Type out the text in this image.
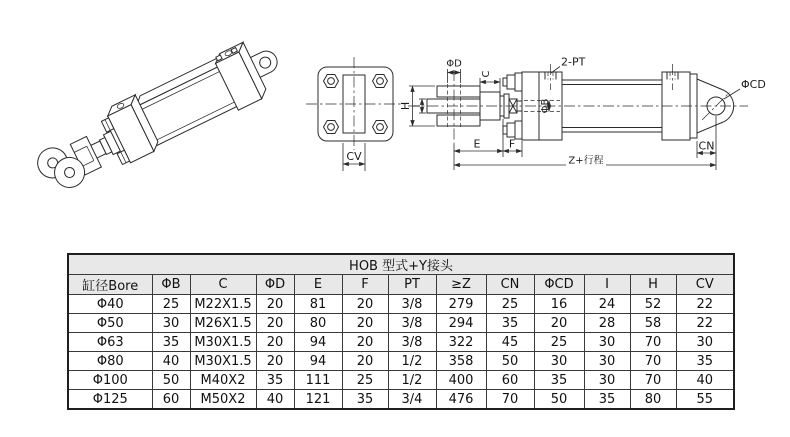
CV
ΦD
H I
C
ΦB
2-PT
ΦCD
E	F	CN
Z+行程
HOB 型式+Y接头												
缸径Bore	ΦB	C	ΦD	E	F	PT	≥Z	CN	ΦCD	I	H	CV
Φ40	25	M22X1.5	20	81	20	3/8	279	25	16	24	52	22
Φ50	30	M26X1.5	20	80	20	3/8	294	35	20	28	58	22
Φ63	35	M30X1.5	20	94	20	3/8	322	45	25	30	70	30
Φ80	40	M30X1.5	20	94	20	1/2	358	50	30	30	70	35
Φ100	50	M40X2	35	111	25	1/2	400	60	35	30	70	40
Φ125	60	M50X2	40	121	35	3/4	476	70	50	35	80	55
